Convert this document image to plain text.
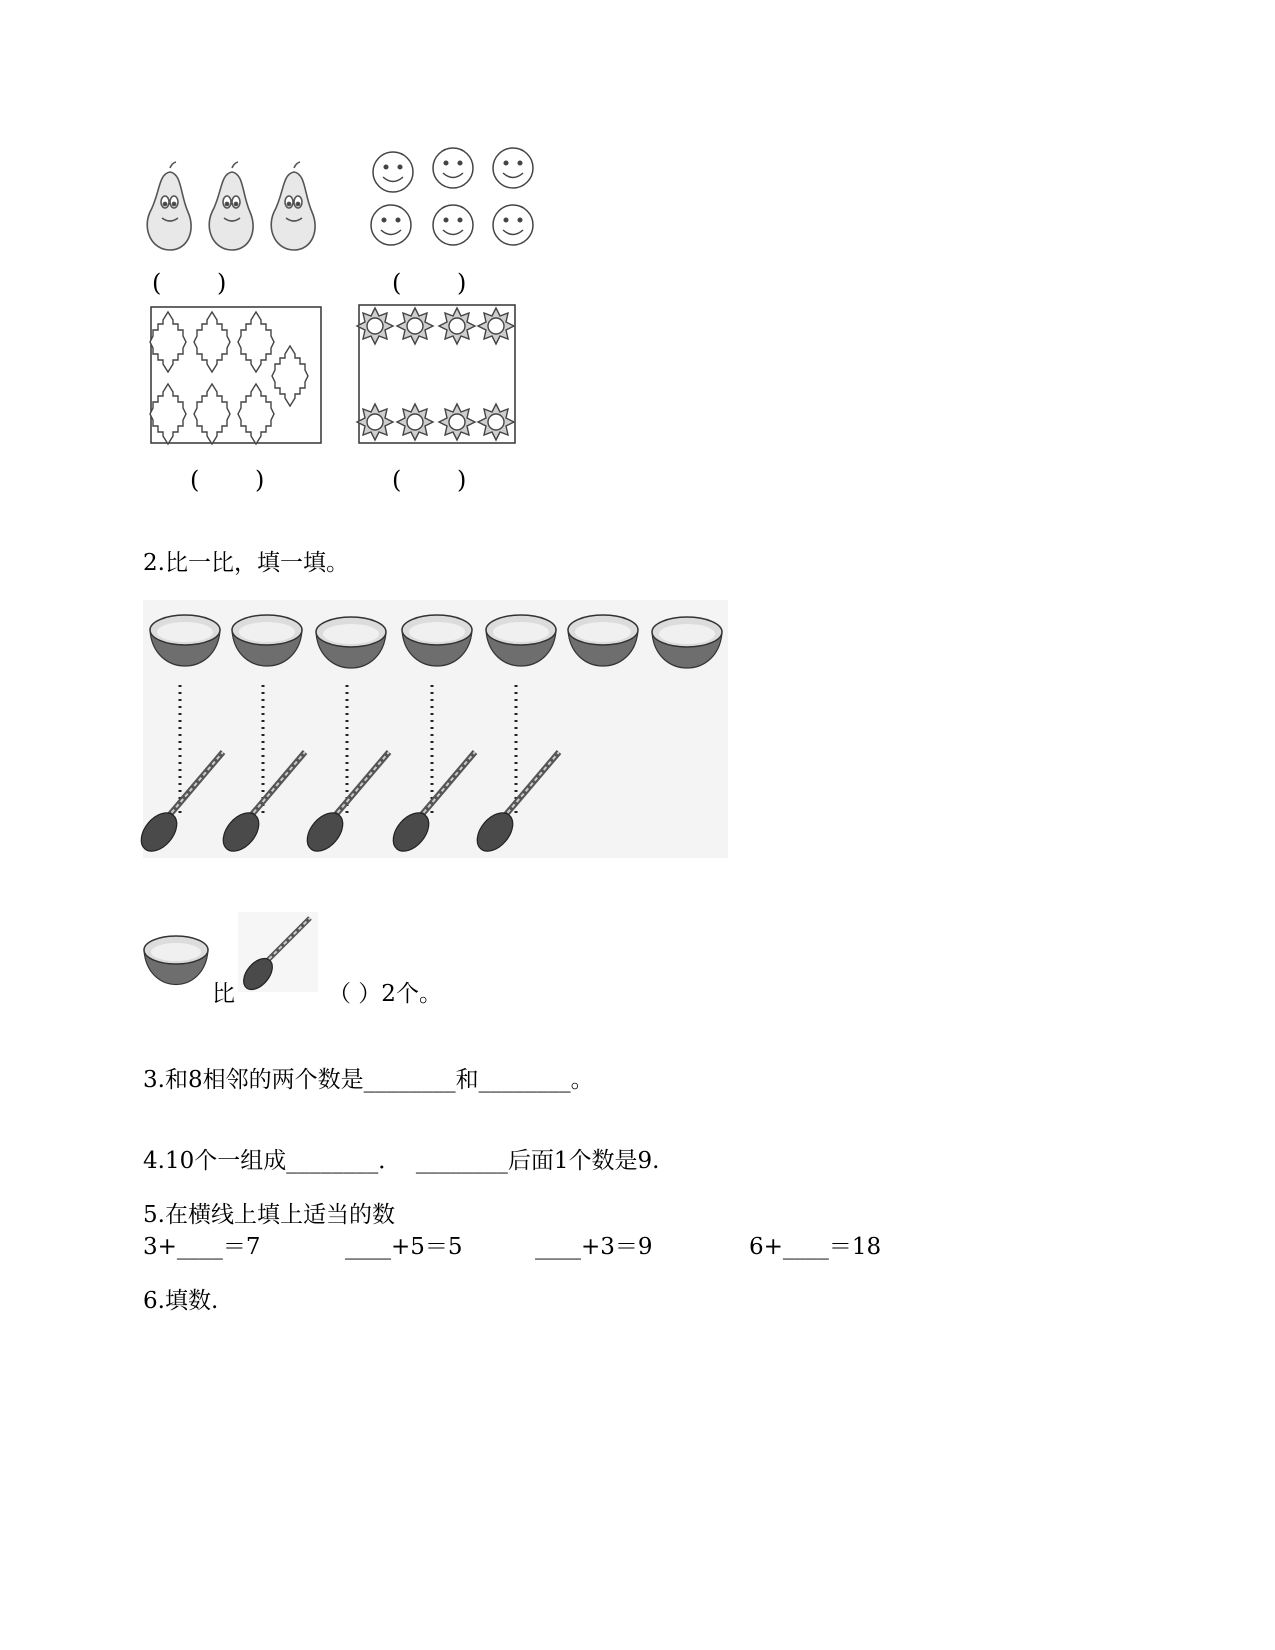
(　　 )	(　　 )
(　　 )	(　　 )
2.比一比，填一填。
比	（ ）2个。
3.和8相邻的两个数是________和________。
4.10个一组成________．  ________后面1个数是9.
5.在横线上填上适当的数
3+____＝7	____+5＝5	____+3＝9	6+____＝18
6.填数.
